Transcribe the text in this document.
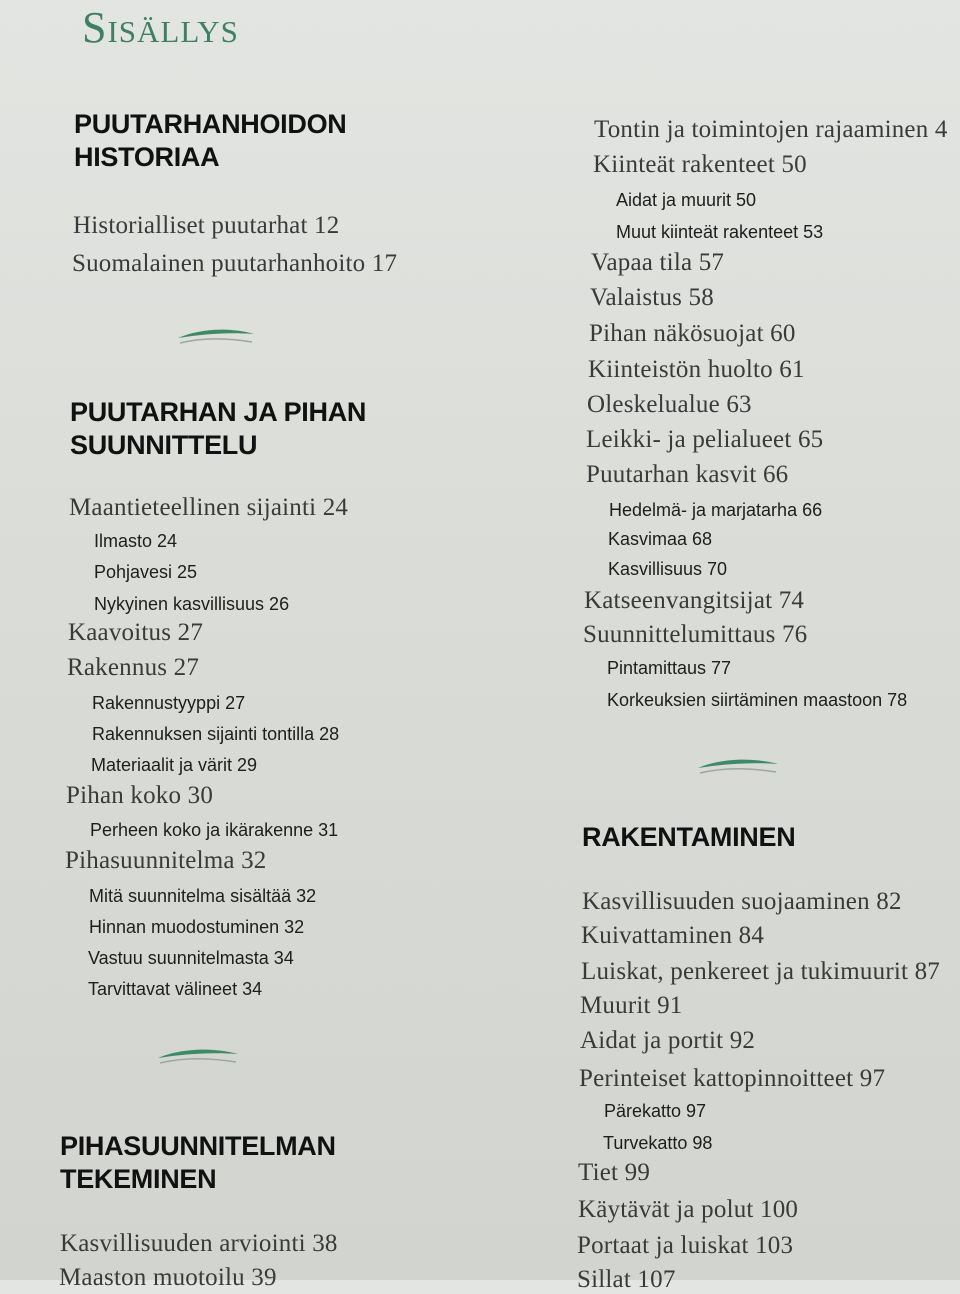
Sisällys
PUUTARHANHOIDON
HISTORIAA
Historialliset puutarhat 12
Suomalainen puutarhanhoito 17
PUUTARHAN JA PIHAN
SUUNNITTELU
Maantieteellinen sijainti 24
Ilmasto 24
Pohjavesi 25
Nykyinen kasvillisuus 26
Kaavoitus 27
Rakennus 27
Rakennustyyppi 27
Rakennuksen sijainti tontilla 28
Materiaalit ja värit 29
Pihan koko 30
Perheen koko ja ikärakenne 31
Pihasuunnitelma 32
Mitä suunnitelma sisältää 32
Hinnan muodostuminen 32
Vastuu suunnitelmasta 34
Tarvittavat välineet 34
PIHASUUNNITELMAN
TEKEMINEN
Kasvillisuuden arviointi 38
Maaston muotoilu 39
Tontin ja toimintojen rajaaminen 4
Kiinteät rakenteet 50
Aidat ja muurit 50
Muut kiinteät rakenteet 53
Vapaa tila 57
Valaistus 58
Pihan näkösuojat 60
Kiinteistön huolto 61
Oleskelualue 63
Leikki- ja pelialueet 65
Puutarhan kasvit 66
Hedelmä- ja marjatarha 66
Kasvimaa 68
Kasvillisuus 70
Katseenvangitsijat 74
Suunnittelumittaus 76
Pintamittaus 77
Korkeuksien siirtäminen maastoon 78
RAKENTAMINEN
Kasvillisuuden suojaaminen 82
Kuivattaminen 84
Luiskat, penkereet ja tukimuurit 87
Muurit 91
Aidat ja portit 92
Perinteiset kattopinnoitteet 97
Pärekatto 97
Turvekatto 98
Tiet 99
Käytävät ja polut 100
Portaat ja luiskat 103
Sillat 107
